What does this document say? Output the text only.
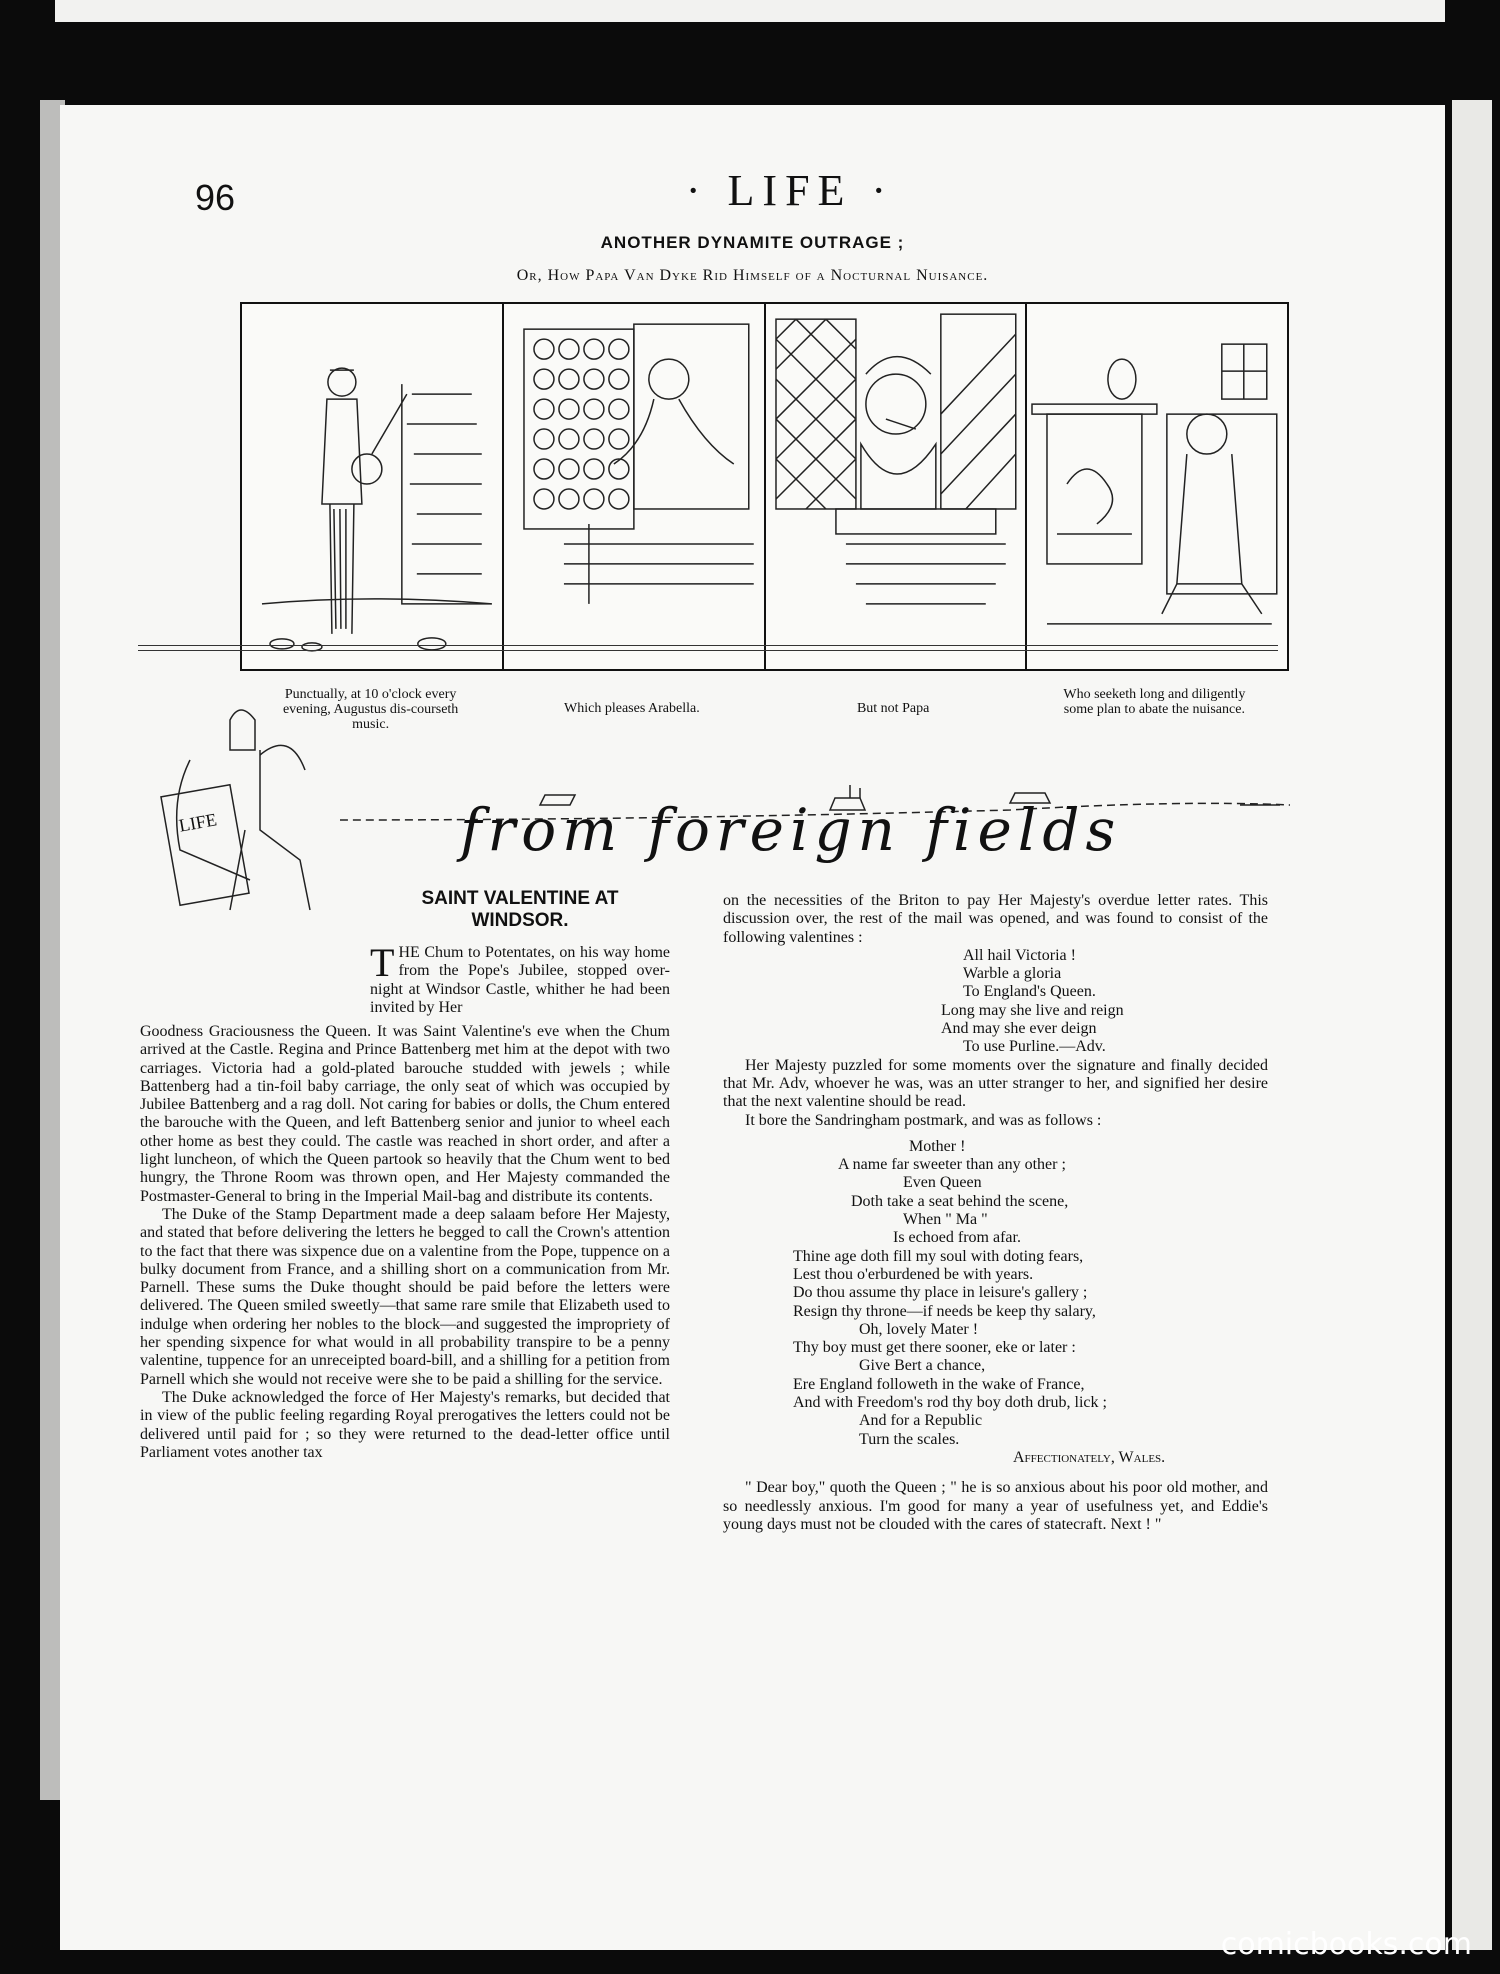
96	· LIFE ·
ANOTHER DYNAMITE OUTRAGE ;
Or, How Papa Van Dyke Rid Himself of a Nocturnal Nuisance.
Punctually, at 10 o'clock every evening, Augustus dis-courseth music.
Which pleases Arabella.	But not Papa
Who seeketh long and diligently some plan to abate the nuisance.
from foreign fields
LIFE
SAINT VALENTINE AT
WINDSOR.
THE Chum to Potentates, on his way home from the Pope's Jubilee, stopped over-night at Windsor Castle, whither he had been invited by Her

Goodness Graciousness the Queen. It was Saint Valentine's eve when the Chum arrived at the Castle. Regina and Prince Battenberg met him at the depot with two carriages. Victoria had a gold-plated barouche studded with jewels ; while Battenberg had a tin-foil baby carriage, the only seat of which was occupied by Jubilee Battenberg and a rag doll. Not caring for babies or dolls, the Chum entered the barouche with the Queen, and left Battenberg senior and junior to wheel each other home as best they could. The castle was reached in short order, and after a light luncheon, of which the Queen partook so heavily that the Chum went to bed hungry, the Throne Room was thrown open, and Her Majesty commanded the Postmaster-General to bring in the Imperial Mail-bag and distribute its contents.

The Duke of the Stamp Department made a deep salaam before Her Majesty, and stated that before delivering the letters he begged to call the Crown's attention to the fact that there was sixpence due on a valentine from the Pope, tuppence on a bulky document from France, and a shilling short on a communication from Mr. Parnell. These sums the Duke thought should be paid before the letters were delivered. The Queen smiled sweetly—that same rare smile that Elizabeth used to indulge when ordering her nobles to the block—and suggested the impropriety of her spending sixpence for what would in all probability transpire to be a penny valentine, tuppence for an unreceipted board-bill, and a shilling for a petition from Parnell which she would not receive were she to be paid a shilling for the service.

The Duke acknowledged the force of Her Majesty's remarks, but decided that in view of the public feeling regarding Royal prerogatives the letters could not be delivered until paid for ; so they were returned to the dead-letter office until Parliament votes another tax

on the necessities of the Briton to pay Her Majesty's overdue letter rates. This discussion over, the rest of the mail was opened, and was found to consist of the following valentines :

All hail Victoria !
Warble a gloria
To England's Queen.
Long may she live and reign
And may she ever deign
To use Purline.—Adv.

Her Majesty puzzled for some moments over the signature and finally decided that Mr. Adv, whoever he was, was an utter stranger to her, and signified her desire that the next valentine should be read.

It bore the Sandringham postmark, and was as follows :

Mother !
A name far sweeter than any other ;
Even Queen
Doth take a seat behind the scene,
When " Ma "
Is echoed from afar.
Thine age doth fill my soul with doting fears,
Lest thou o'erburdened be with years.
Do thou assume thy place in leisure's gallery ;
Resign thy throne—if needs be keep thy salary,
Oh, lovely Mater !
Thy boy must get there sooner, eke or later :
Give Bert a chance,
Ere England followeth in the wake of France,
And with Freedom's rod thy boy doth drub, lick ;
And for a Republic
Turn the scales.
Affectionately, Wales.

" Dear boy," quoth the Queen ; " he is so anxious about his poor old mother, and so needlessly anxious. I'm good for many a year of usefulness yet, and Eddie's young days must not be clouded with the cares of statecraft. Next ! "

comicbooks.com
